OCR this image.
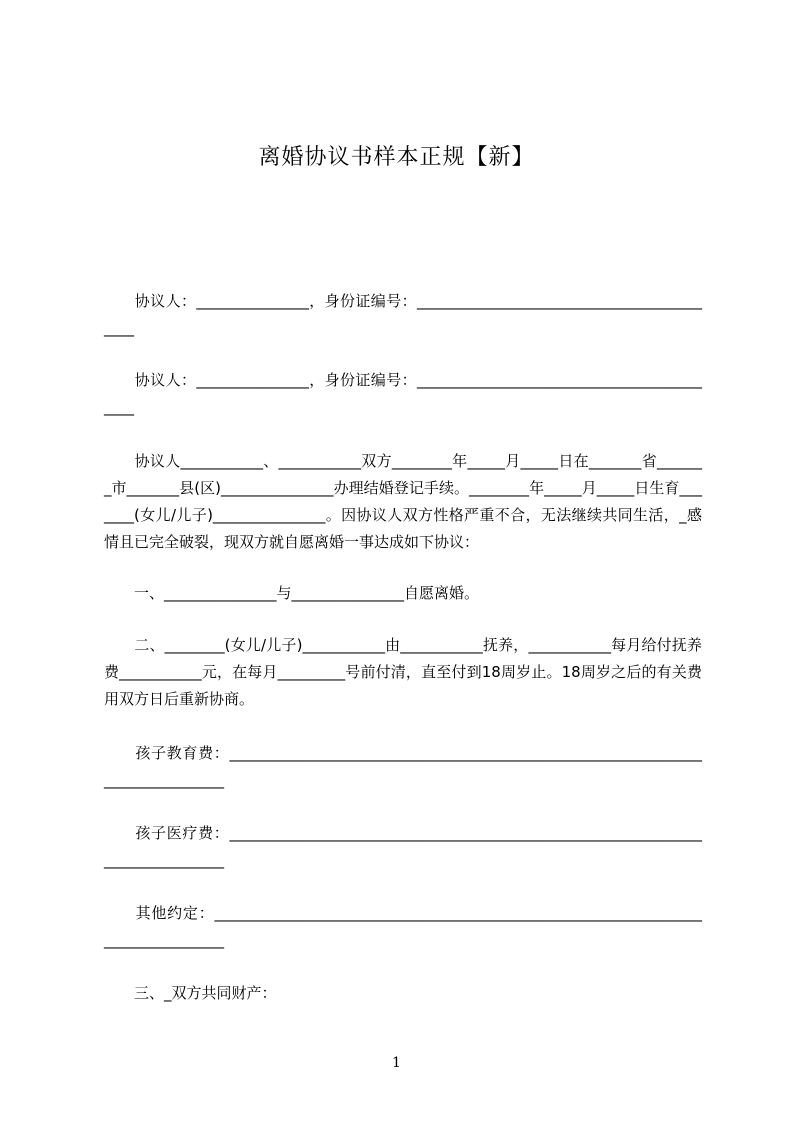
离婚协议书样本正规【新】

　　协议人：_______________，身份证编号：__________________________________________

　　协议人：_______________，身份证编号：__________________________________________

　　协议人___________、___________双方________年_____月_____日在_______省_______市_______县(区)_______________办理结婚登记手续。________年_____月_____日生育_______(女儿/儿子)_______________。因协议人双方性格严重不合，无法继续共同生活，_感情且已完全破裂，现双方就自愿离婚一事达成如下协议：

　　一、_______________与_______________自愿离婚。

　　二、________(女儿/儿子)___________由___________抚养，___________每月给付抚养费___________元，在每月_________号前付清，直至付到18周岁止。18周岁之后的有关费用双方日后重新协商。

　　孩子教育费：_______________________________________________________________________________

　　孩子医疗费：_______________________________________________________________________________

　　其他约定：_________________________________________________________________________________

　　三、_双方共同财产：

1
